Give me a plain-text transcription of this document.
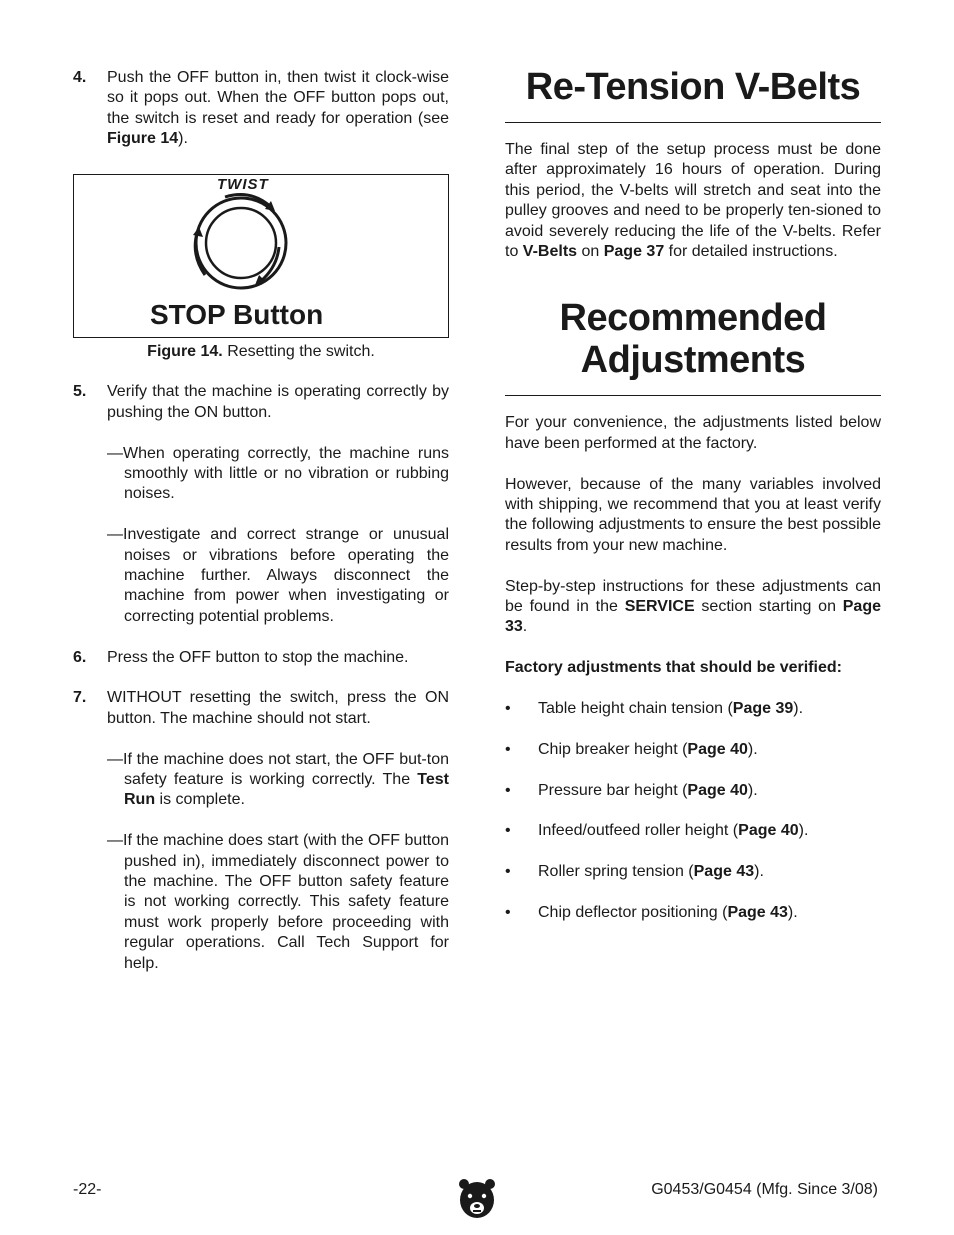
4.	Push the OFF button in, then twist it clock-wise so it pops out. When the OFF button pops out, the switch is reset and ready for operation (see Figure 14).
TWIST
STOP Button

Figure 14. Resetting the switch.

5.	Verify that the machine is operating correctly by pushing the ON button.

—When operating correctly, the machine runs smoothly with little or no vibration or rubbing noises.

—Investigate and correct strange or unusual noises or vibrations before operating the machine further. Always disconnect the machine from power when investigating or correcting potential problems.

6.	Press the OFF button to stop the machine.
7.	WITHOUT resetting the switch, press the ON button. The machine should not start.

—If the machine does not start, the OFF but-ton safety feature is working correctly. The Test Run is complete.

—If the machine does start (with the OFF button pushed in), immediately disconnect power to the machine. The OFF button safety feature is not working correctly. This safety feature must work properly before proceeding with regular operations. Call Tech Support for help.

Re-Tension V-Belts

The final step of the setup process must be done after approximately 16 hours of operation. During this period, the V-belts will stretch and seat into the pulley grooves and need to be properly ten-sioned to avoid severely reducing the life of the V-belts. Refer to V-Belts on Page 37 for detailed instructions.

Recommended
Adjustments

For your convenience, the adjustments listed below have been performed at the factory.

However, because of the many variables involved with shipping, we recommend that you at least verify the following adjustments to ensure the best possible results from your new machine.

Step-by-step instructions for these adjustments can be found in the SERVICE section starting on Page 33.

Factory adjustments that should be verified:

•	Table height chain tension (Page 39).
•	Chip breaker height (Page 40).
•	Pressure bar height (Page 40).
•	Infeed/outfeed roller height (Page 40).
•	Roller spring tension (Page 43).
•	Chip deflector positioning (Page 43).
-22-	G0453/G0454 (Mfg. Since 3/08)
